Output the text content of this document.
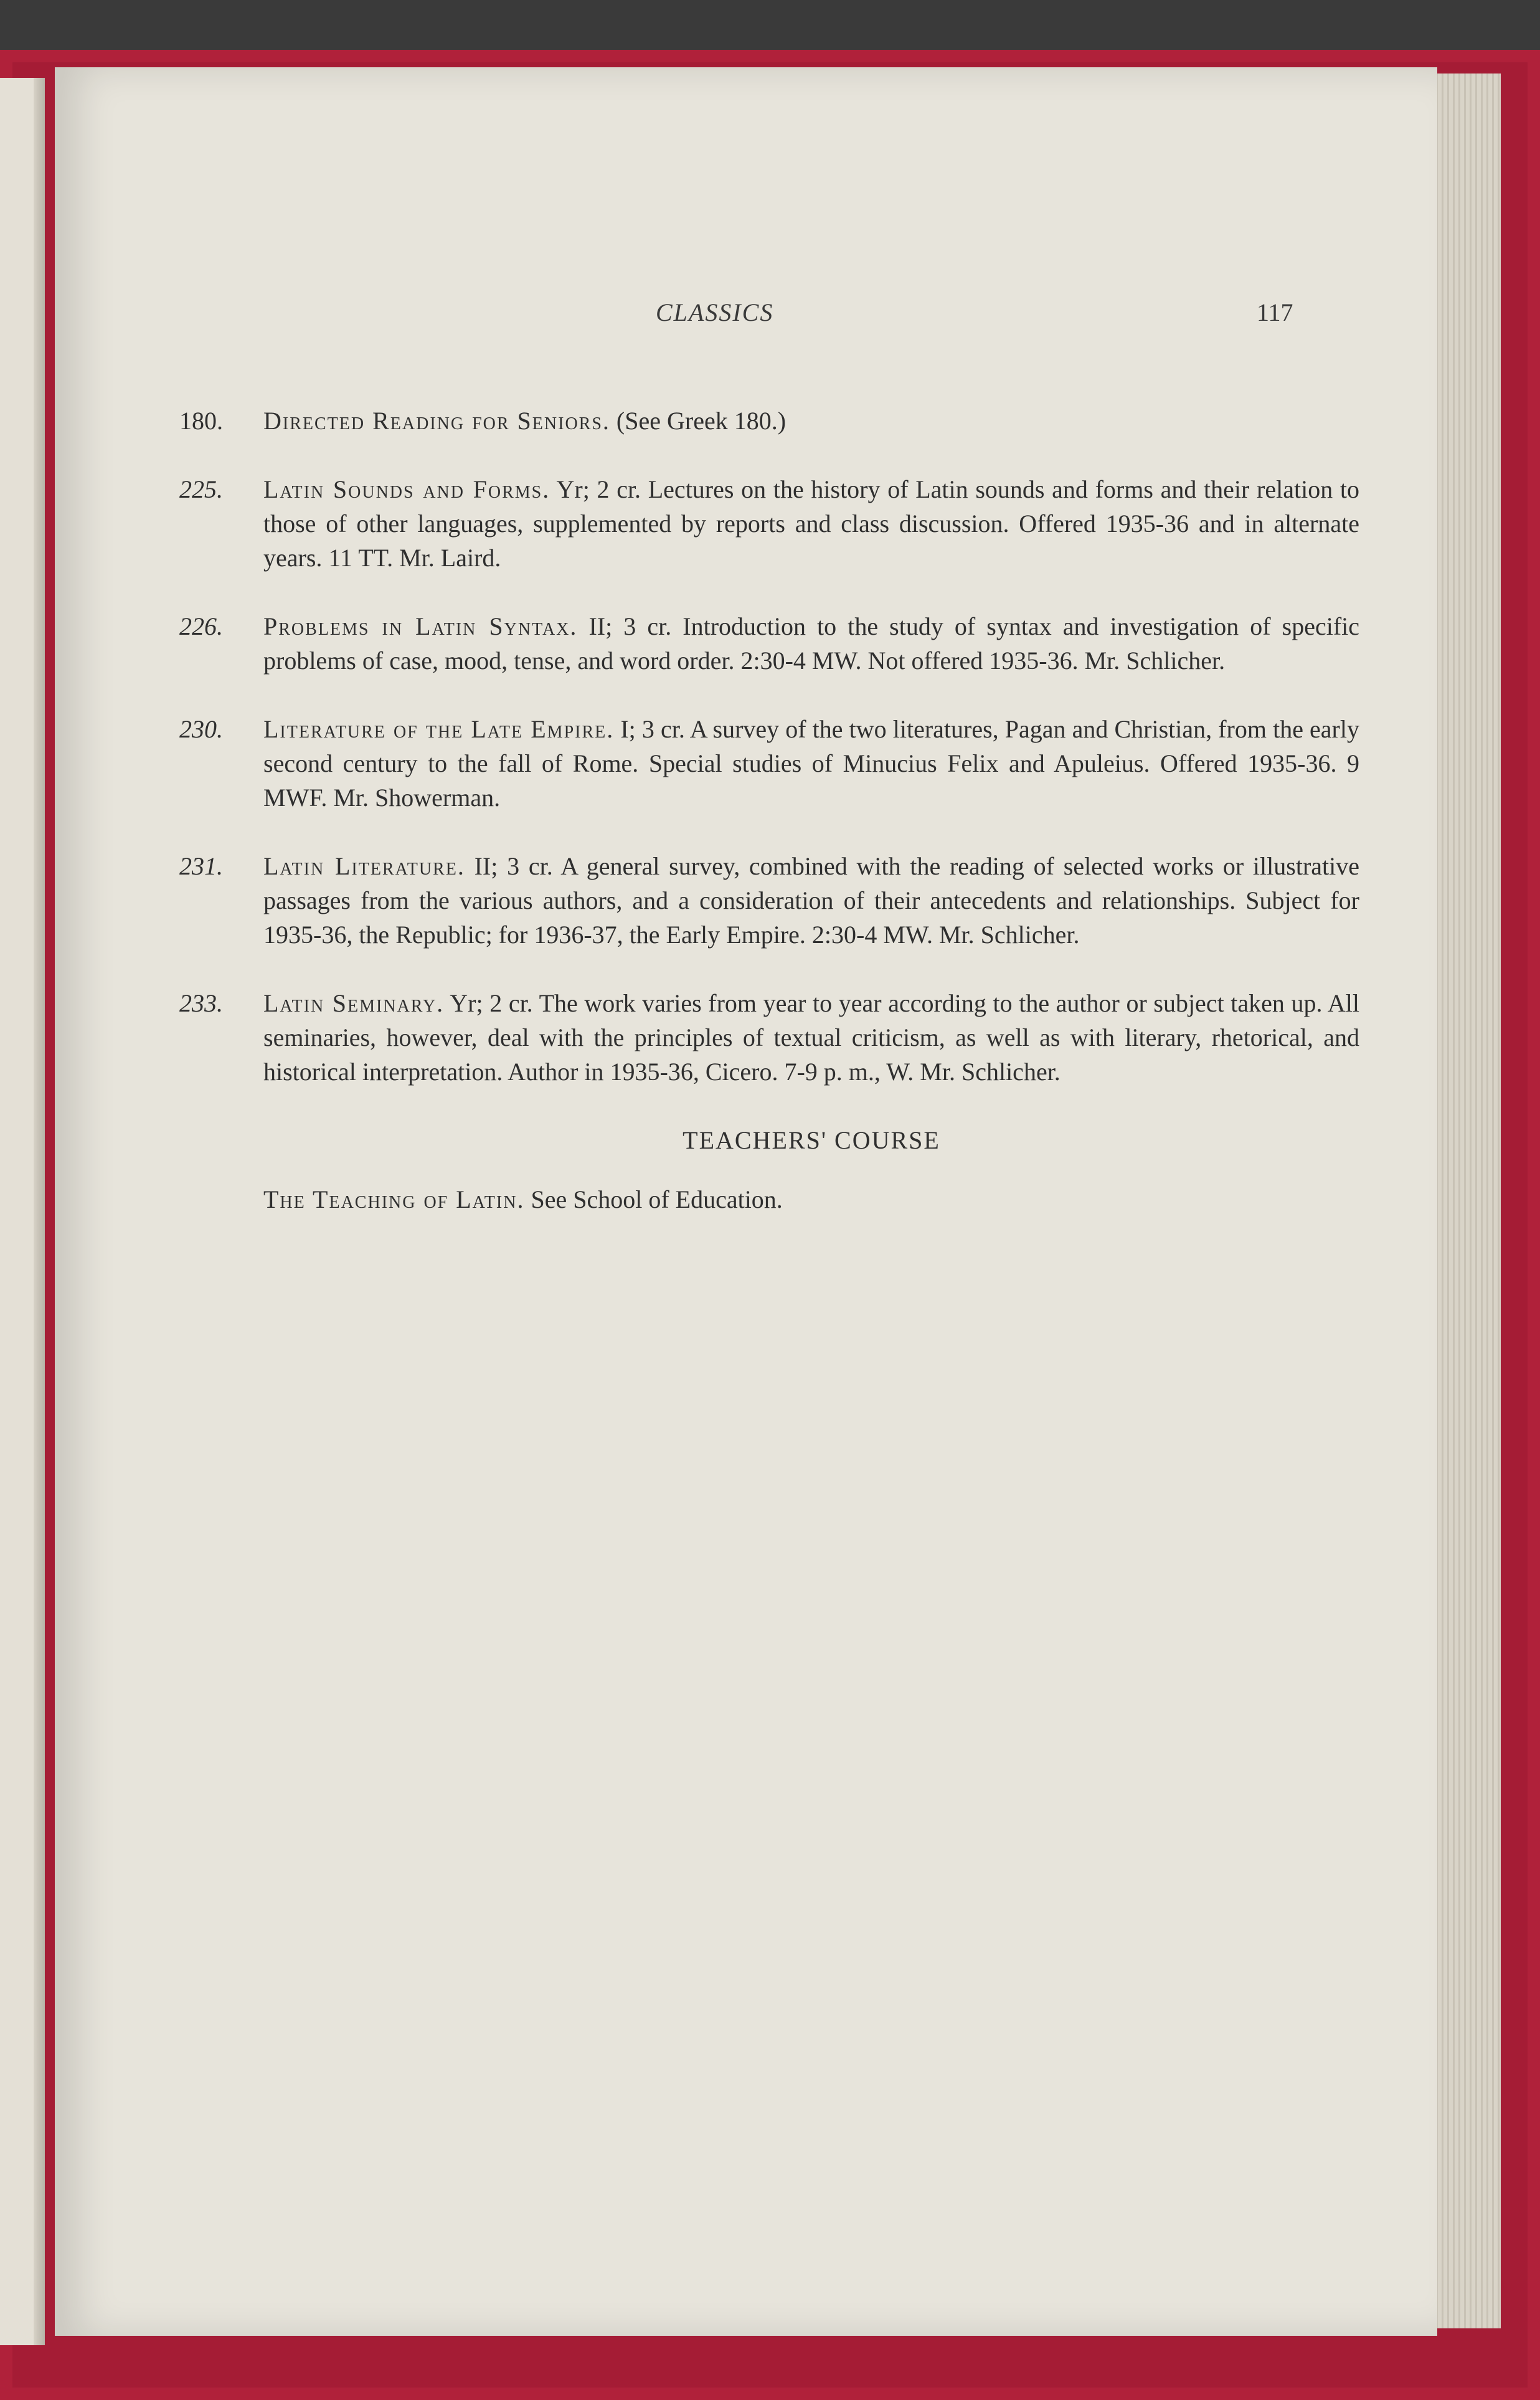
CLASSICS	117
180. Directed Reading for Seniors. (See Greek 180.)
225. Latin Sounds and Forms. Yr; 2 cr. Lectures on the history of Latin sounds and forms and their relation to those of other languages, supplemented by reports and class discussion. Offered 1935-36 and in alternate years. 11 TT. Mr. Laird.
226. Problems in Latin Syntax. II; 3 cr. Introduction to the study of syntax and investigation of specific problems of case, mood, tense, and word order. 2:30-4 MW. Not offered 1935-36. Mr. Schlicher.
230. Literature of the Late Empire. I; 3 cr. A survey of the two literatures, Pagan and Christian, from the early second century to the fall of Rome. Special studies of Minucius Felix and Apuleius. Offered 1935-36. 9 MWF. Mr. Showerman.
231. Latin Literature. II; 3 cr. A general survey, combined with the reading of selected works or illustrative passages from the various authors, and a consideration of their antecedents and relationships. Subject for 1935-36, the Republic; for 1936-37, the Early Empire. 2:30-4 MW. Mr. Schlicher.
233. Latin Seminary. Yr; 2 cr. The work varies from year to year according to the author or subject taken up. All seminaries, however, deal with the principles of textual criticism, as well as with literary, rhetorical, and historical interpretation. Author in 1935-36, Cicero. 7-9 p. m., W. Mr. Schlicher.
TEACHERS' COURSE
The Teaching of Latin. See School of Education.
